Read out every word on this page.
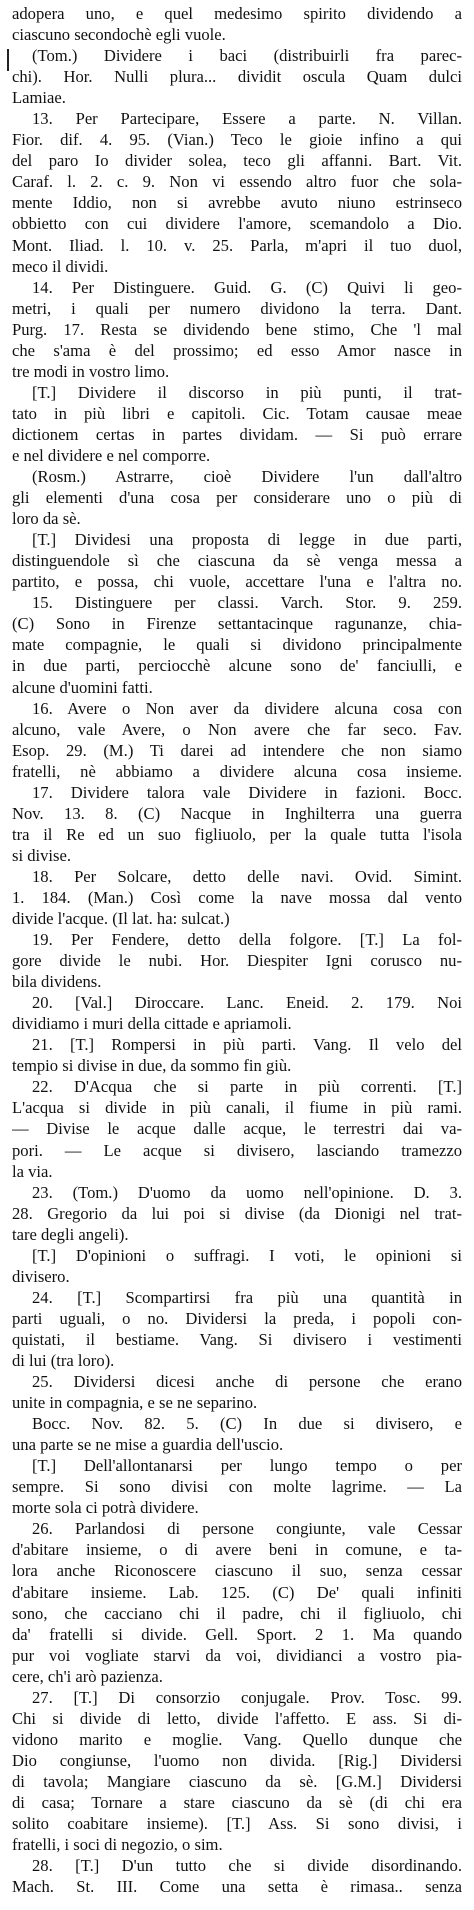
adopera uno, e quel medesimo spirito dividendo a
ciascuno secondochè egli vuole.
(Tom.) Dividere i baci (distribuirli fra parec-
chi). Hor. Nulli plura... dividit oscula Quam dulci
Lamiae.
13. Per Partecipare, Essere a parte. N. Villan.
Fior. dif. 4. 95. (Vian.) Teco le gioie infino a qui
del paro Io divider solea, teco gli affanni. Bart. Vit.
Caraf. l. 2. c. 9. Non vi essendo altro fuor che sola-
mente Iddio, non si avrebbe avuto niuno estrinseco
obbietto con cui dividere l'amore, scemandolo a Dio.
Mont. Iliad. l. 10. v. 25. Parla, m'apri il tuo duol,
meco il dividi.
14. Per Distinguere. Guid. G. (C) Quivi li geo-
metri, i quali per numero dividono la terra. Dant.
Purg. 17. Resta se dividendo bene stimo, Che 'l mal
che s'ama è del prossimo; ed esso Amor nasce in
tre modi in vostro limo.
[T.] Dividere il discorso in più punti, il trat-
tato in più libri e capitoli. Cic. Totam causae meae
dictionem certas in partes dividam. — Si può errare
e nel dividere e nel comporre.
(Rosm.) Astrarre, cioè Dividere l'un dall'altro
gli elementi d'una cosa per considerare uno o più di
loro da sè.
[T.] Dividesi una proposta di legge in due parti,
distinguendole sì che ciascuna da sè venga messa a
partito, e possa, chi vuole, accettare l'una e l'altra no.
15. Distinguere per classi. Varch. Stor. 9. 259.
(C) Sono in Firenze settantacinque ragunanze, chia-
mate compagnie, le quali si dividono principalmente
in due parti, perciocchè alcune sono de' fanciulli, e
alcune d'uomini fatti.
16. Avere o Non aver da dividere alcuna cosa con
alcuno, vale Avere, o Non avere che far seco. Fav.
Esop. 29. (M.) Ti darei ad intendere che non siamo
fratelli, nè abbiamo a dividere alcuna cosa insieme.
17. Dividere talora vale Dividere in fazioni. Bocc.
Nov. 13. 8. (C) Nacque in Inghilterra una guerra
tra il Re ed un suo figliuolo, per la quale tutta l'isola
si divise.
18. Per Solcare, detto delle navi. Ovid. Simint.
1. 184. (Man.) Così come la nave mossa dal vento
divide l'acque. (Il lat. ha: sulcat.)
19. Per Fendere, detto della folgore. [T.] La fol-
gore divide le nubi. Hor. Diespiter Igni corusco nu-
bila dividens.
20. [Val.] Diroccare. Lanc. Eneid. 2. 179. Noi
dividiamo i muri della cittade e apriamoli.
21. [T.] Rompersi in più parti. Vang. Il velo del
tempio si divise in due, da sommo fin giù.
22. D'Acqua che si parte in più correnti. [T.]
L'acqua si divide in più canali, il fiume in più rami.
— Divise le acque dalle acque, le terrestri dai va-
pori. — Le acque si divisero, lasciando tramezzo
la via.
23. (Tom.) D'uomo da uomo nell'opinione. D. 3.
28. Gregorio da lui poi si divise (da Dionigi nel trat-
tare degli angeli).
[T.] D'opinioni o suffragi. I voti, le opinioni si
divisero.
24. [T.] Scompartirsi fra più una quantità in
parti uguali, o no. Dividersi la preda, i popoli con-
quistati, il bestiame. Vang. Si divisero i vestimenti
di lui (tra loro).
25. Dividersi dicesi anche di persone che erano
unite in compagnia, e se ne separino.
Bocc. Nov. 82. 5. (C) In due si divisero, e
una parte se ne mise a guardia dell'uscio.
[T.] Dell'allontanarsi per lungo tempo o per
sempre. Si sono divisi con molte lagrime. — La
morte sola ci potrà dividere.
26. Parlandosi di persone congiunte, vale Cessar
d'abitare insieme, o di avere beni in comune, e ta-
lora anche Riconoscere ciascuno il suo, senza cessar
d'abitare insieme. Lab. 125. (C) De' quali infiniti
sono, che cacciano chi il padre, chi il figliuolo, chi
da' fratelli si divide. Gell. Sport. 2 1. Ma quando
pur voi vogliate starvi da voi, dividianci a vostro pia-
cere, ch'i arò pazienza.
27. [T.] Di consorzio conjugale. Prov. Tosc. 99.
Chi si divide di letto, divide l'affetto. E ass. Si di-
vidono marito e moglie. Vang. Quello dunque che
Dio congiunse, l'uomo non divida. [Rig.] Dividersi
di tavola; Mangiare ciascuno da sè. [G.M.] Dividersi
di casa; Tornare a stare ciascuno da sè (di chi era
solito coabitare insieme). [T.] Ass. Si sono divisi, i
fratelli, i soci di negozio, o sim.
28. [T.] D'un tutto che si divide disordinando.
Mach. St. III. Come una setta è rimasa.. senza
